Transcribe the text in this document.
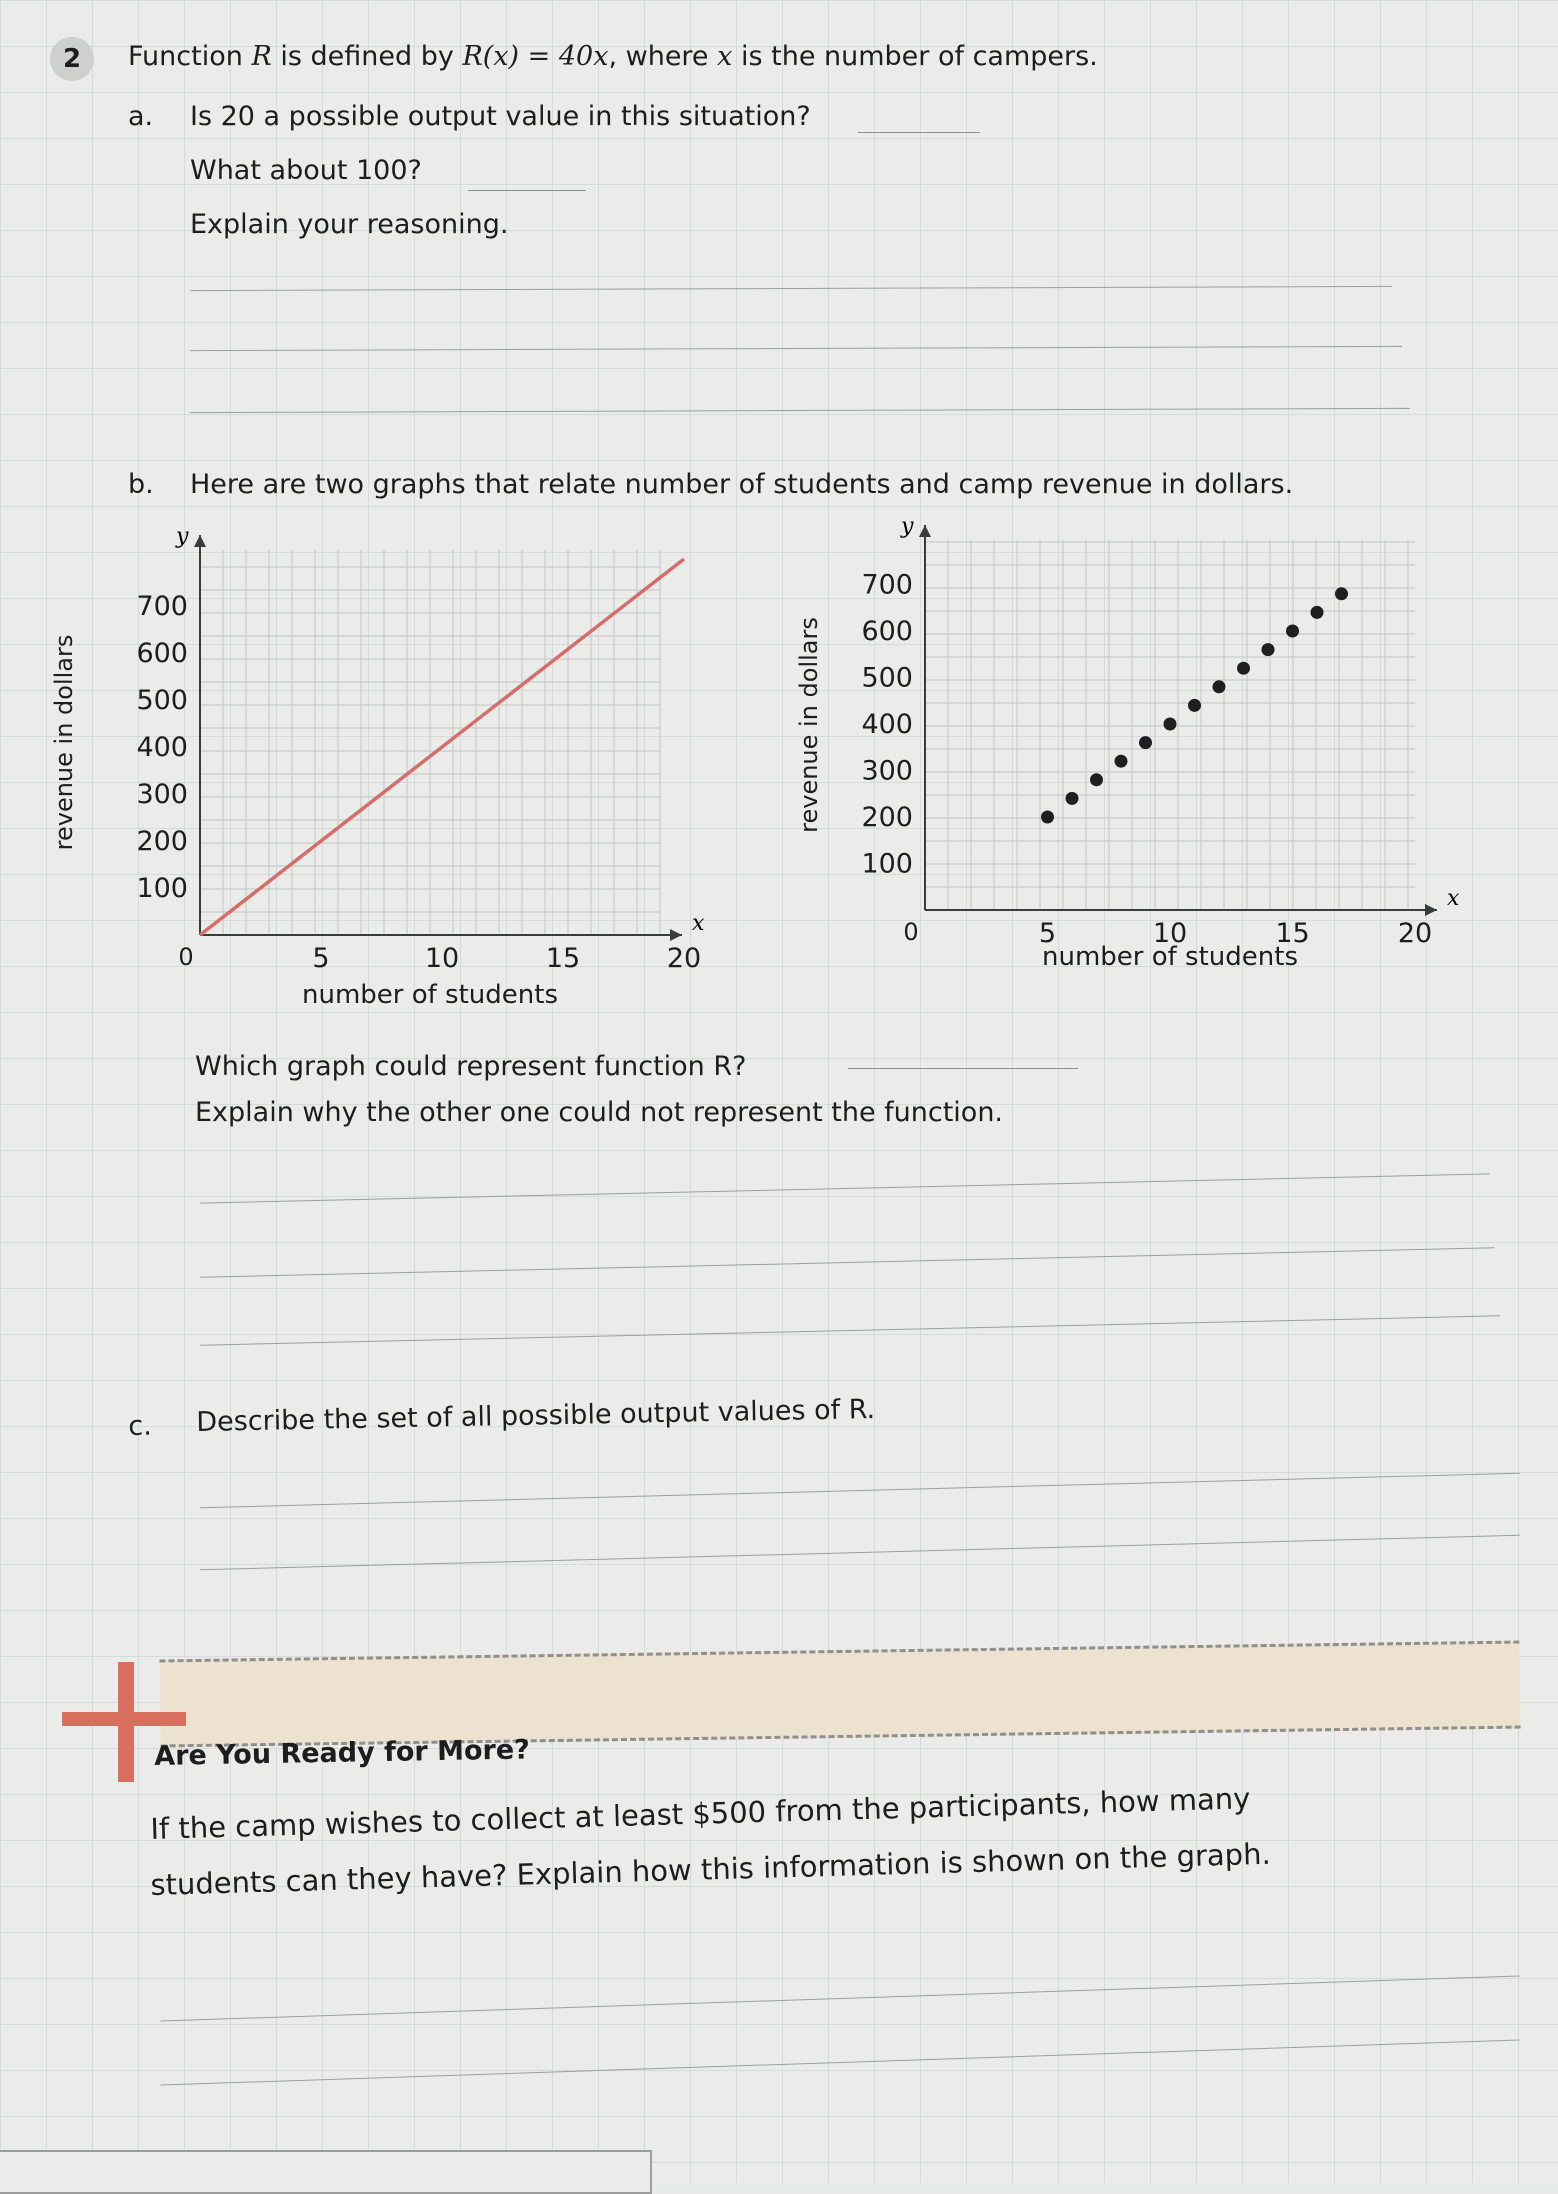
2	Function R is defined by R(x) = 40x, where x is the number of campers.
a. Is 20 a possible output value in this situation?
What about 100?
Explain your reasoning.
b. Here are two graphs that relate number of students and camp revenue in dollars.
x
y
0	5	10	15	20
100
200
300
400
500
600
700
number of students
revenue in dollars
x
y
0	5	10	15	20
100
200
300
400
500
600
700
number of students
revenue in dollars
Which graph could represent function R?
Explain why the other one could not represent the function.
c. Describe the set of all possible output values of R.
Are You Ready for More?
If the camp wishes to collect at least $500 from the participants, how many
students can they have? Explain how this information is shown on the graph.
